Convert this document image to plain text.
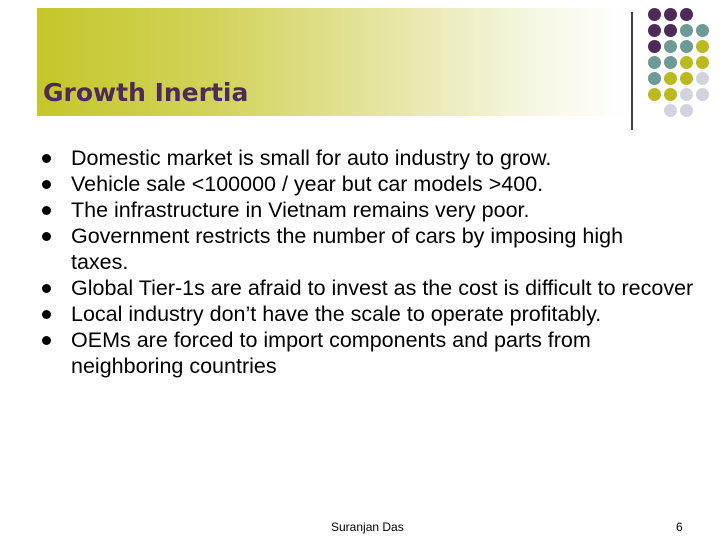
Growth Inertia
Domestic market is small for auto industry to grow.
Vehicle sale <100000 / year but car models >400.
The infrastructure in Vietnam remains very poor.
Government restricts the number of cars by imposing high taxes.
Global Tier-1s are afraid to invest as the cost is difficult to recover
Local industry don’t have the scale to operate profitably.
OEMs are forced to import components and parts from neighboring countries
Suranjan Das	6
